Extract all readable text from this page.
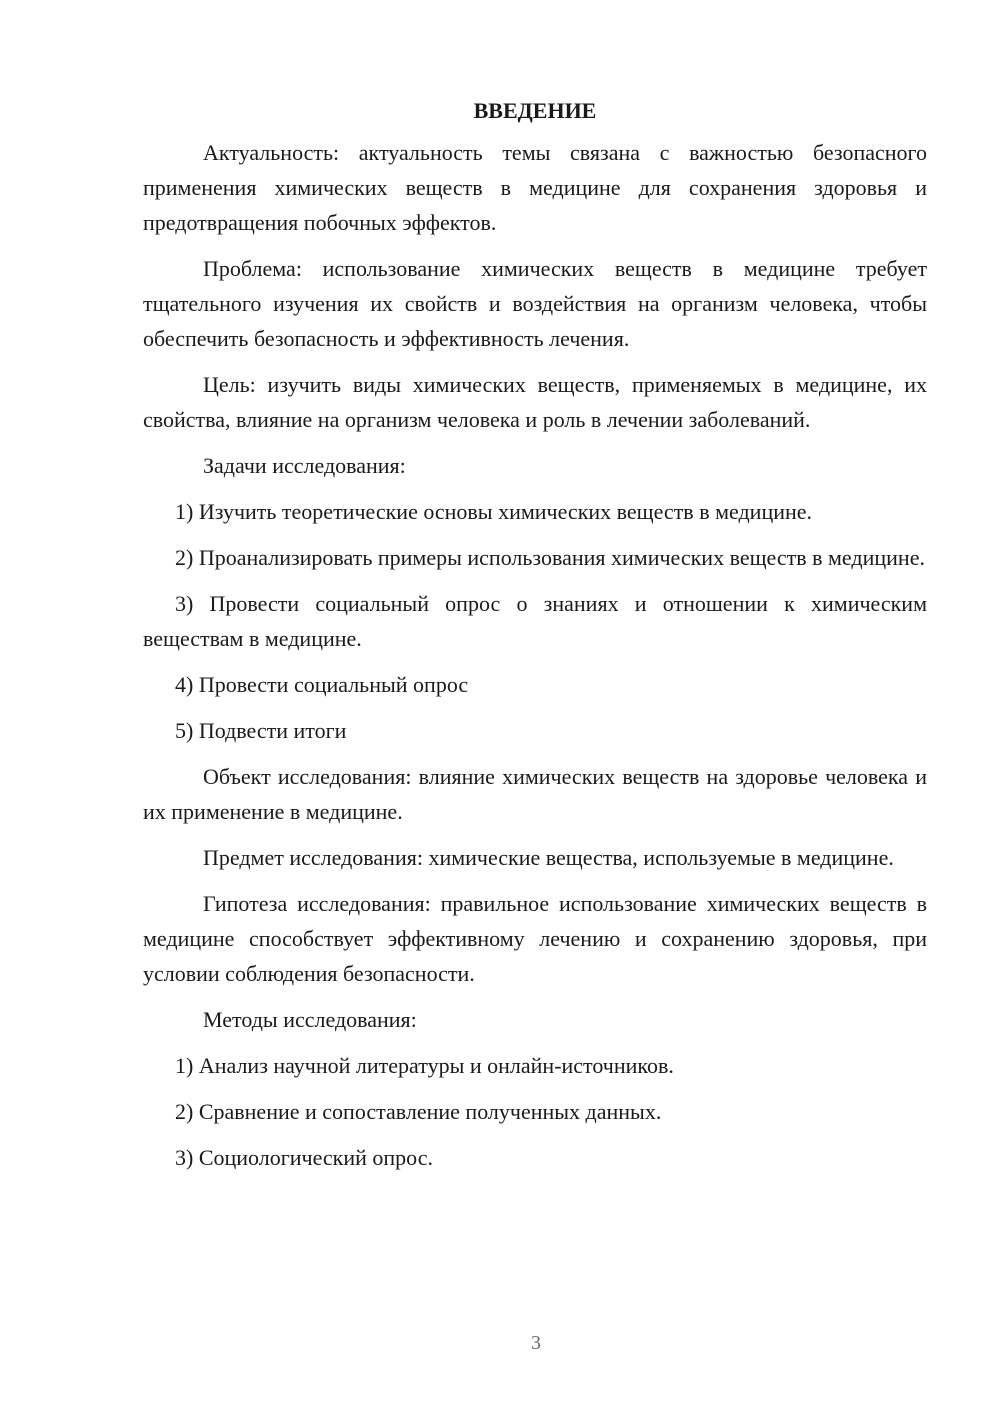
ВВЕДЕНИЕ

Актуальность: актуальность темы связана с важностью безопасного применения химических веществ в медицине для сохранения здоровья и предотвращения побочных эффектов.

Проблема: использование химических веществ в медицине требует тщательного изучения их свойств и воздействия на организм человека, чтобы обеспечить безопасность и эффективность лечения.

Цель: изучить виды химических веществ, применяемых в медицине, их свойства, влияние на организм человека и роль в лечении заболеваний.

Задачи исследования:

1) Изучить теоретические основы химических веществ в медицине.

2) Проанализировать примеры использования химических веществ в медицине.

3) Провести социальный опрос о знаниях и отношении к химическим веществам в медицине.

4) Провести социальный опрос

5) Подвести итоги

Объект исследования: влияние химических веществ на здоровье человека и их применение в медицине.

Предмет исследования: химические вещества, используемые в медицине.

Гипотеза исследования: правильное использование химических веществ в медицине способствует эффективному лечению и сохранению здоровья, при условии соблюдения безопасности.

Методы исследования:

1) Анализ научной литературы и онлайн-источников.

2) Сравнение и сопоставление полученных данных.

3) Социологический опрос.

3
